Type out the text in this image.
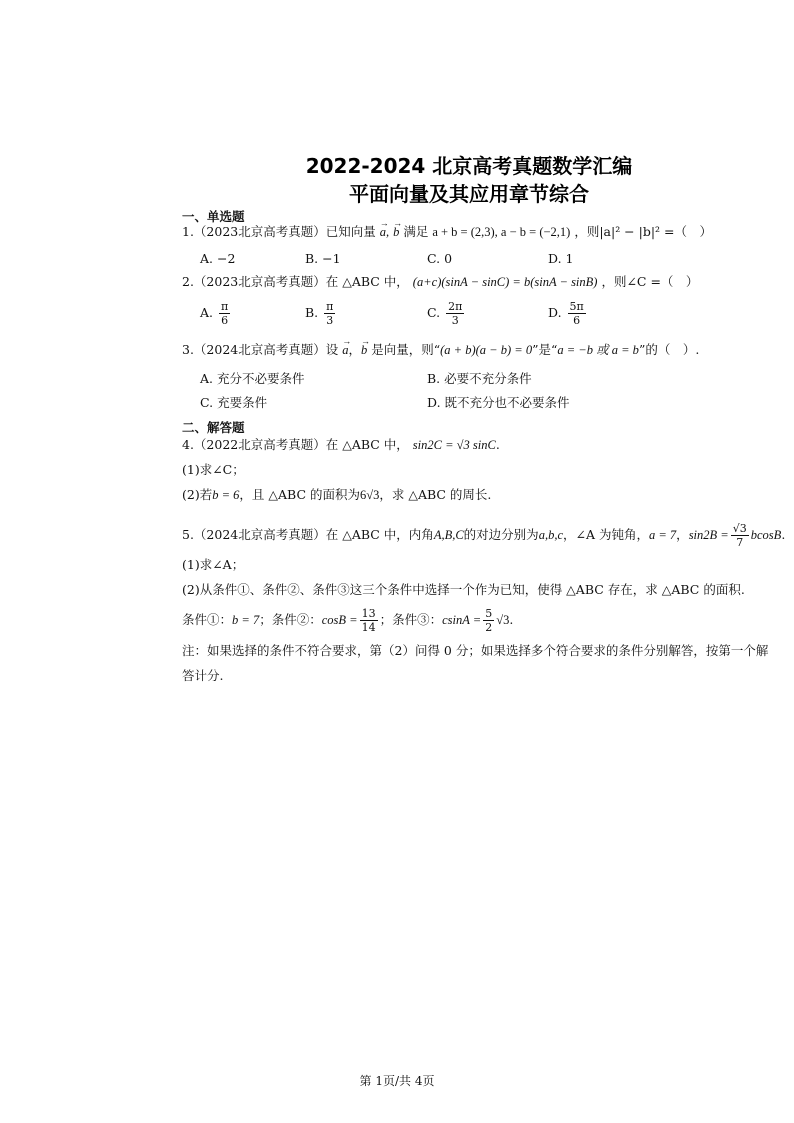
2022-2024 北京高考真题数学汇编
平面向量及其应用章节综合
一、单选题
1.（2023北京高考真题）已知向量 → a, → b 满足 a + b = (2,3), a − b = (−2,1) ，则|a|² − |b|² =（　）
A. −2	B. −1	C. 0	D. 1
2.（2023北京高考真题）在 △ABC 中， (a+c)(sinA − sinC) = b(sinA − sinB) ，则∠C =（　）
A. $\frac{\pi}{6}$	B. $\frac{\pi}{3}$	C. $\frac{2\pi}{3}$	D. $\frac{5\pi}{6}$
3.（2024北京高考真题）设 → a，→ b 是向量，则“(a + b)(a − b) = 0”是“a = −b 或 a = b”的（　）.
A. 充分不必要条件	B. 必要不充分条件
C. 充要条件	D. 既不充分也不必要条件
二、解答题
4.（2022北京高考真题）在 △ABC 中， sin2C = √3 sinC.
(1)求∠C；
(2)若b = 6，且 △ABC 的面积为6√3，求 △ABC 的周长.
5.（2024北京高考真题）在 △ABC 中，内角A,B,C的对边分别为a,b,c，∠A 为钝角，a = 7，$\sin 2B = \frac{√3}{7} bcosB$.
(1)求∠A；
(2)从条件①、条件②、条件③这三个条件中选择一个作为已知，使得 △ABC 存在，求 △ABC 的面积.
条件①：b = 7；条件②：$\cos B = \frac{13}{14}$ ；条件③：$csinA = \frac{5}{2} √3$.
注：如果选择的条件不符合要求，第（2）问得 0 分；如果选择多个符合要求的条件分别解答，按第一个解
答计分.
第 1页/共 4页
